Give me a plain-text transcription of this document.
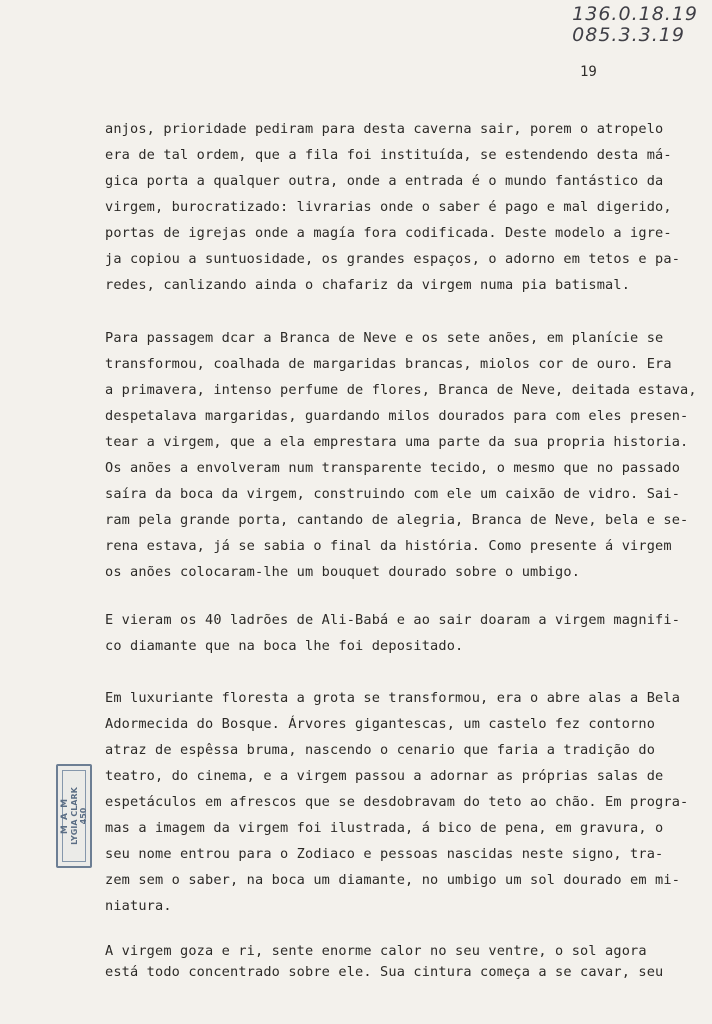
136.0.18.19
085.3.3.19
19
anjos, prioridade pediram para desta caverna sair, porem o atropelo
era de tal ordem, que a fila foi instituída, se estendendo desta má-
gica porta a qualquer outra, onde a entrada é o mundo fantástico da
virgem, burocratizado: livrarias onde o saber é pago e mal digerido,
portas de igrejas onde a magía fora codificada. Deste modelo a igre-
ja copiou a suntuosidade, os grandes espaços, o adorno em tetos e pa-
redes, canlizando ainda o chafariz da virgem numa pia batismal.
Para passagem dcar a Branca de Neve e os sete anões, em planície se
transformou, coalhada de margaridas brancas, miolos cor de ouro. Era
a primavera, intenso perfume de flores, Branca de Neve, deitada estava,
despetalava margaridas, guardando milos dourados para com eles presen-
tear a virgem, que a ela emprestara uma parte da sua propria historia.
Os anões a envolveram num transparente tecido, o mesmo que no passado
saíra da boca da virgem, construindo com ele um caixão de vidro. Sai-
ram pela grande porta, cantando de alegria, Branca de Neve, bela e se-
rena estava, já se sabia o final da história. Como presente á virgem
os anões colocaram-lhe um bouquet dourado sobre o umbigo.
E vieram os 40 ladrões de Ali-Babá e ao sair doaram a virgem magnifi-
co diamante que na boca lhe foi depositado.
Em luxuriante floresta a grota se transformou, era o abre alas a Bela
Adormecida do Bosque. Árvores gigantescas, um castelo fez contorno
atraz de espêssa bruma, nascendo o cenario que faria a tradição do
teatro, do cinema, e a virgem passou a adornar as próprias salas de
espetáculos em afrescos que se desdobravam do teto ao chão. Em progra-
mas a imagem da virgem foi ilustrada, á bico de pena, em gravura, o
seu nome entrou para o Zodiaco e pessoas nascidas neste signo, tra-
zem sem o saber, na boca um diamante, no umbigo um sol dourado em mi-
niatura.
A virgem goza e ri, sente enorme calor no seu ventre, o sol agora
está todo concentrado sobre ele. Sua cintura começa a se cavar, seu
M A M LYGIA CLARK 450
